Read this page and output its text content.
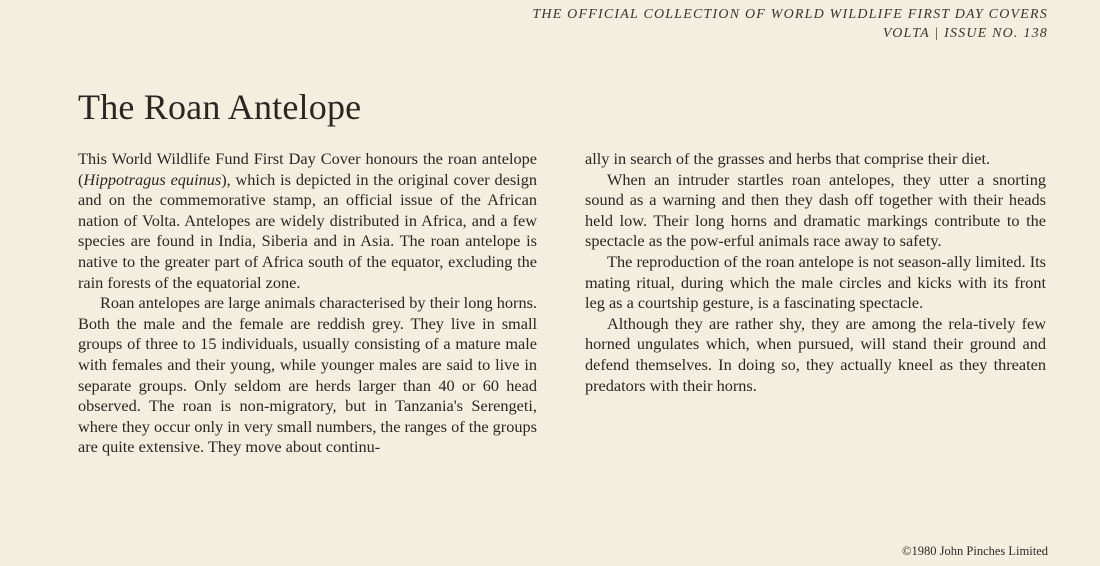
THE OFFICIAL COLLECTION OF WORLD WILDLIFE FIRST DAY COVERS
VOLTA | ISSUE NO. 138
The Roan Antelope

This World Wildlife Fund First Day Cover honours the roan antelope (Hippotragus equinus), which is depicted in the original cover design and on the commemorative stamp, an official issue of the African nation of Volta. Antelopes are widely distributed in Africa, and a few species are found in India, Siberia and in Asia. The roan antelope is native to the greater part of Africa south of the equator, excluding the rain forests of the equatorial zone.

Roan antelopes are large animals characterised by their long horns. Both the male and the female are reddish grey. They live in small groups of three to 15 individuals, usually consisting of a mature male with females and their young, while younger males are said to live in separate groups. Only seldom are herds larger than 40 or 60 head observed. The roan is non-migratory, but in Tanzania's Serengeti, where they occur only in very small numbers, the ranges of the groups are quite extensive. They move about continu-

ally in search of the grasses and herbs that comprise their diet.

When an intruder startles roan antelopes, they utter a snorting sound as a warning and then they dash off together with their heads held low. Their long horns and dramatic markings contribute to the spectacle as the pow-erful animals race away to safety.

The reproduction of the roan antelope is not season-ally limited. Its mating ritual, during which the male circles and kicks with its front leg as a courtship gesture, is a fascinating spectacle.

Although they are rather shy, they are among the rela-tively few horned ungulates which, when pursued, will stand their ground and defend themselves. In doing so, they actually kneel as they threaten predators with their horns.

©1980 John Pinches Limited
